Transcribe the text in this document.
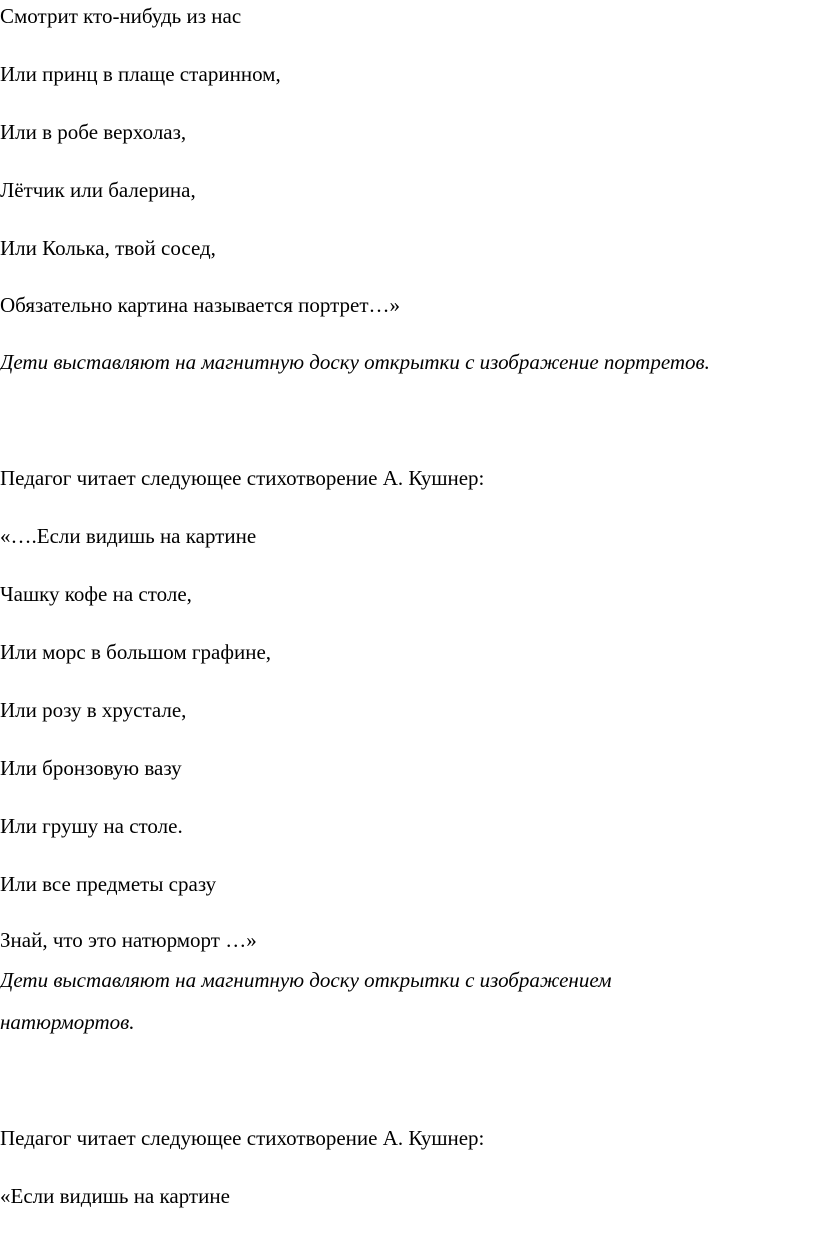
Смотрит кто-нибудь из нас
Или принц в плаще старинном,
Или в робе верхолаз,
Лётчик или балерина,
Или Колька, твой сосед,
Обязательно картина называется портрет…»
Дети выставляют на магнитную доску открытки с изображение портретов.
Педагог читает следующее стихотворение А. Кушнер:
«….Если видишь на картине
Чашку кофе на столе,
Или морс в большом графине,
Или розу в хрустале,
Или бронзовую вазу
Или грушу на столе.
Или все предметы сразу
Знай, что это натюрморт …»
Дети выставляют на магнитную доску открытки с изображением
натюрмортов.
Педагог читает следующее стихотворение А. Кушнер:
«Если видишь на картине
